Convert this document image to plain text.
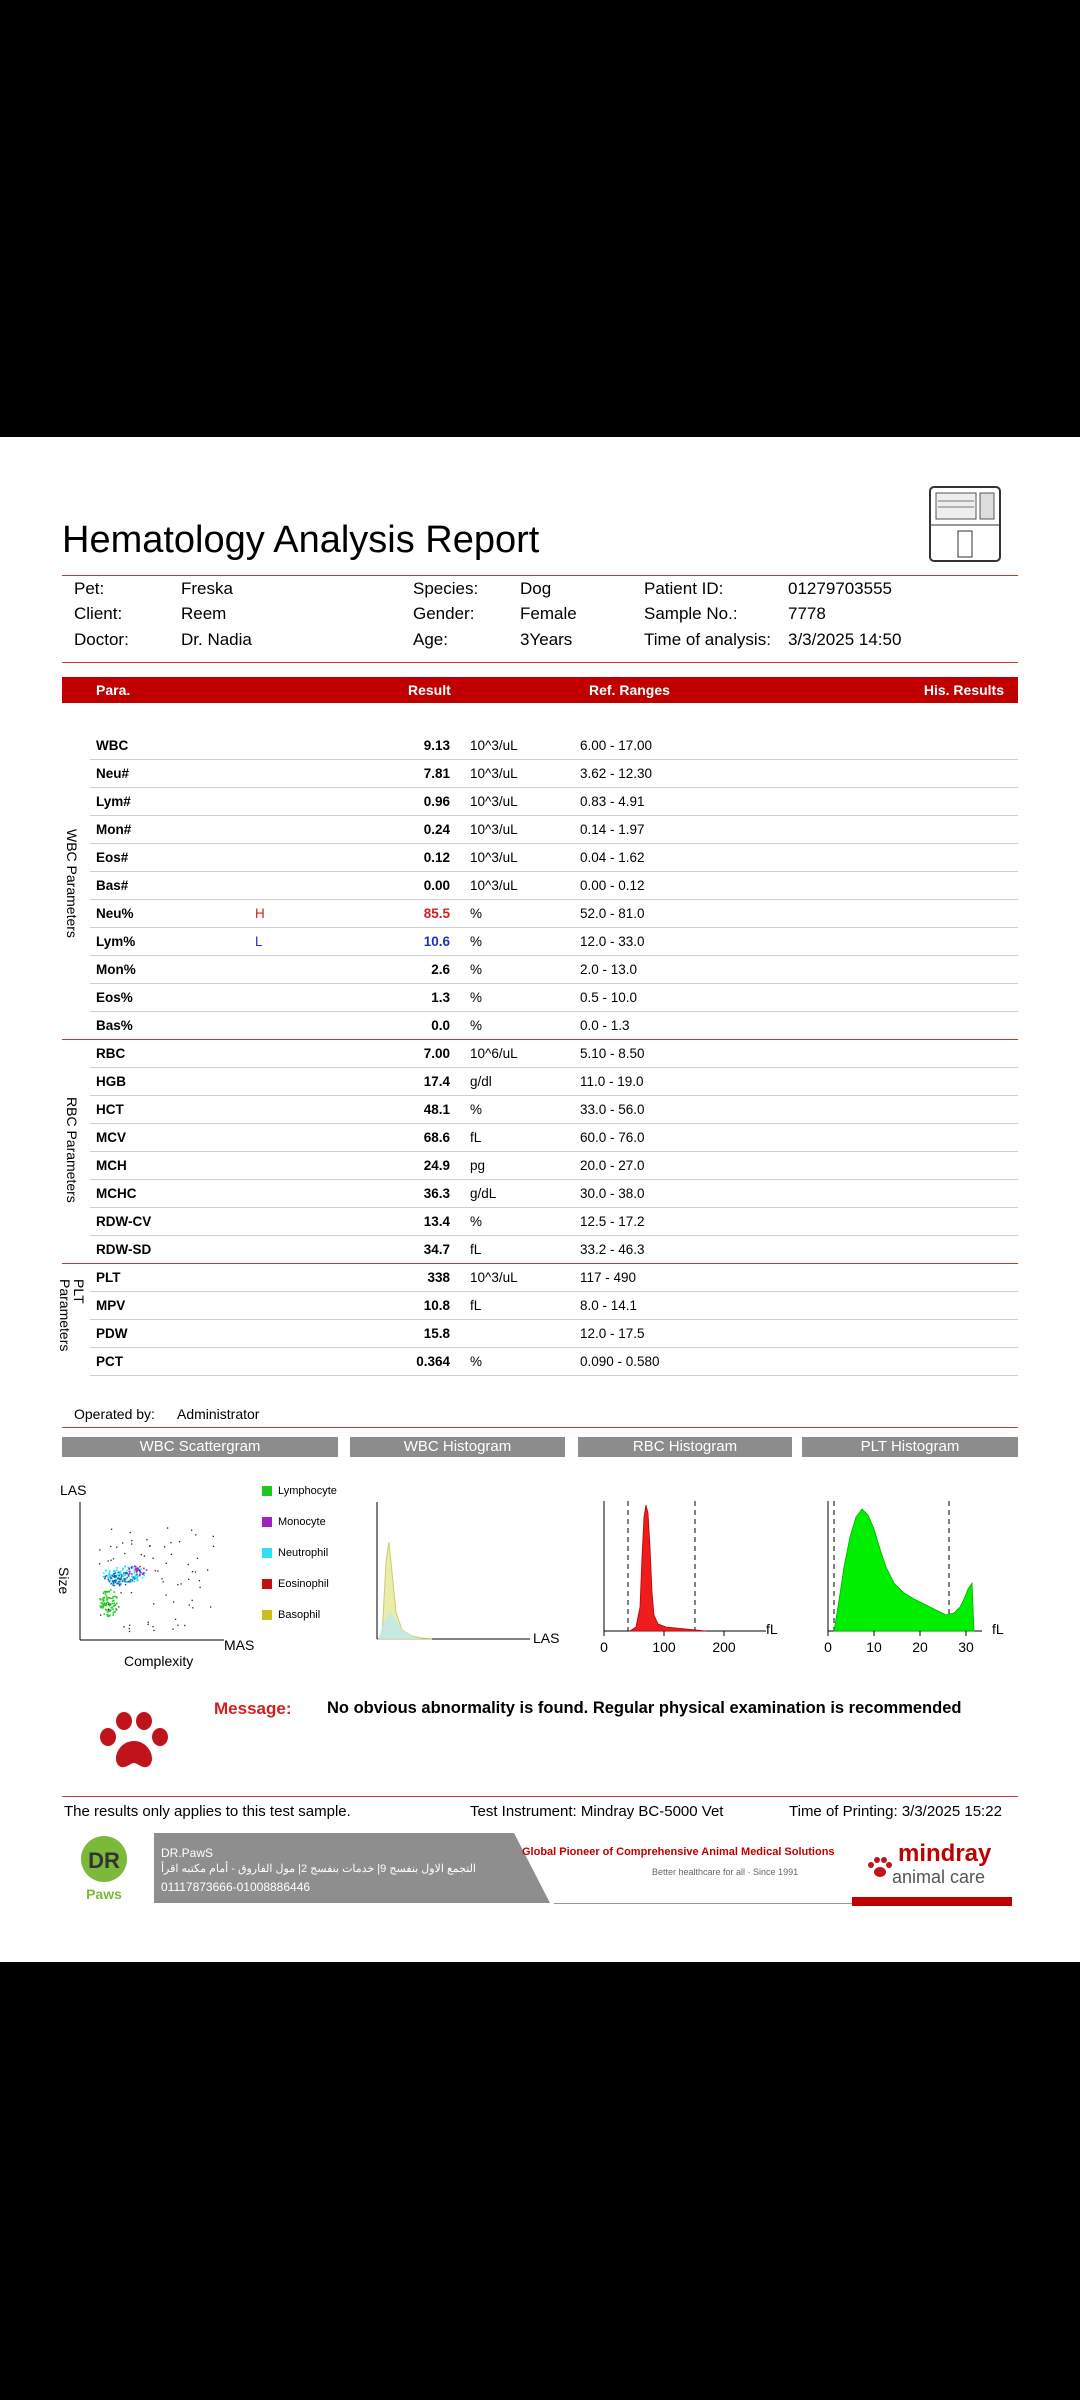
Hematology Analysis Report
Pet:	Freska
Client:	Reem
Doctor:	Dr. Nadia
Species: Dog
Gender:	Female
Age:	3Years
Patient ID:	01279703555
Sample No.:	7778
Time of analysis: 3/3/2025 14:50
Para.	Result	Ref. Ranges	His. Results
WBC	9.13 10^3/uL	6.00 - 17.00
Neu#	7.81 10^3/uL	3.62 - 12.30
Lym#	0.96 10^3/uL	0.83 - 4.91
Mon#	0.24 10^3/uL	0.14 - 1.97
Eos#	0.12 10^3/uL	0.04 - 1.62
Bas#	0.00 10^3/uL	0.00 - 0.12
Neu%	H	85.5 %	52.0 - 81.0
Lym%	L	10.6 %	12.0 - 33.0
Mon%	2.6 %	2.0 - 13.0
Eos%	1.3 %	0.5 - 10.0
Bas%	0.0 %	0.0 - 1.3
RBC	7.00 10^6/uL	5.10 - 8.50
HGB	17.4 g/dl	11.0 - 19.0
HCT	48.1 %	33.0 - 56.0
MCV	68.6 fL	60.0 - 76.0
MCH	24.9 pg	20.0 - 27.0
MCHC	36.3 g/dL	30.0 - 38.0
RDW-CV	13.4 %	12.5 - 17.2
RDW-SD	34.7 fL	33.2 - 46.3
PLT	338 10^3/uL	117 - 490
MPV	10.8 fL	8.0 - 14.1
PDW	15.8	12.0 - 17.5
PCT	0.364 %	0.090 - 0.580
WBC Parameters
RBC Parameters
PLT Parameters
Operated by: Administrator
WBC Scattergram	WBC Histogram	RBC Histogram	PLT Histogram
LAS
Size
MAS
Complexity
Lymphocyte
Monocyte
Neutrophil
Eosinophil
Basophil
LAS
0	100	200
fL
0 10 20 30
fL
Message: No obvious abnormality is found. Regular physical examination is recommended
The results only applies to this test sample.	Test Instrument: Mindray BC-5000 Vet	Time of Printing: 3/3/2025 15:22
DR
Paws
DR.PawS
التجمع الاول بنفسج 9| خدمات بنفسج 2| مول الفاروق - أمام مكتبه اقرأ
01117873666-01008886446
Global Pioneer of Comprehensive Animal Medical Solutions
Better healthcare for all · Since 1991
mindray
animal care
